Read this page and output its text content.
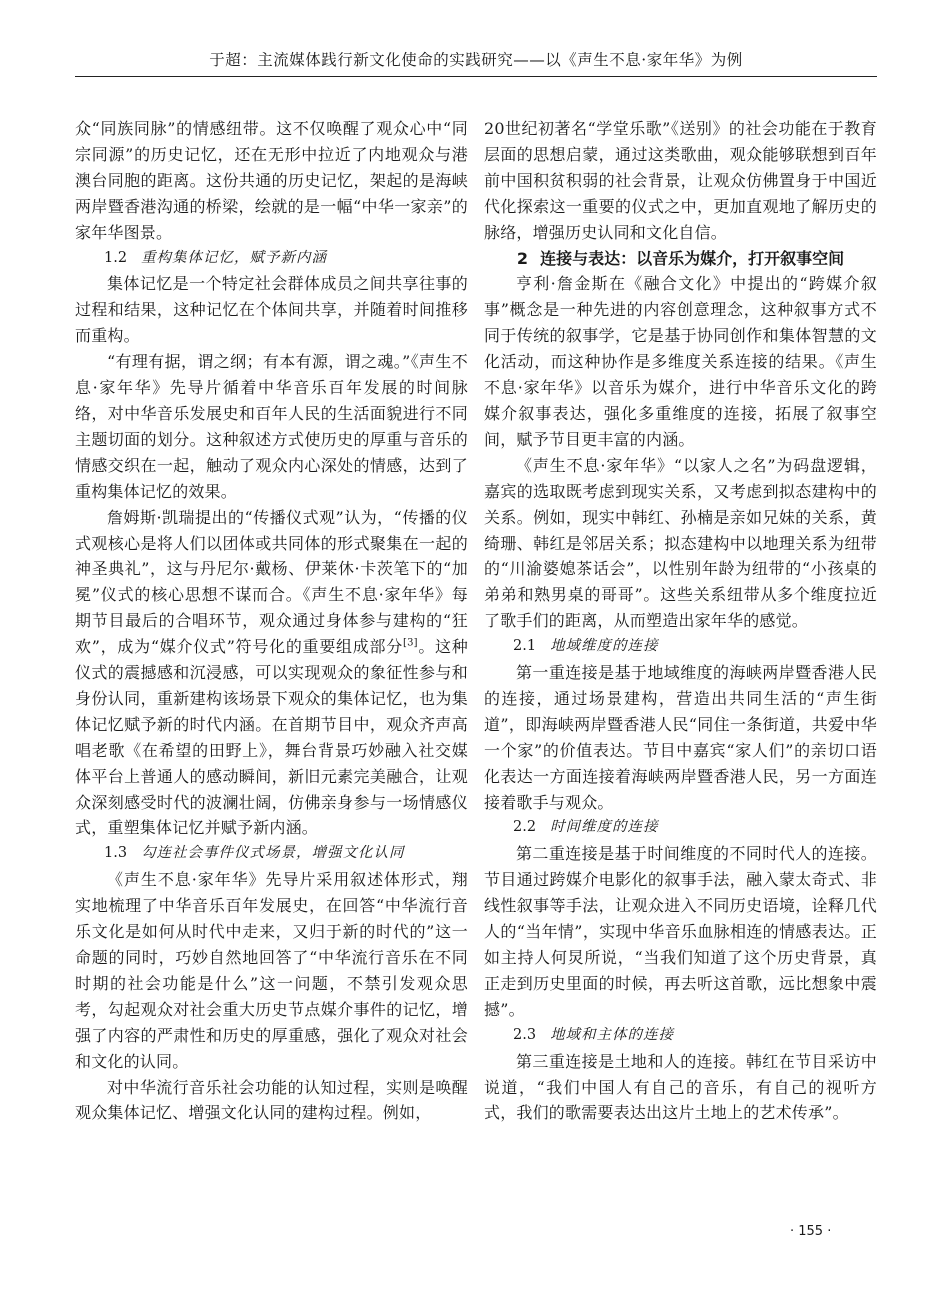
于超：主流媒体践行新文化使命的实践研究——以《声生不息·家年华》为例

众“同族同脉”的情感纽带。这不仅唤醒了观众心中“同宗同源”的历史记忆，还在无形中拉近了内地观众与港澳台同胞的距离。这份共通的历史记忆，架起的是海峡两岸暨香港沟通的桥梁，绘就的是一幅“中华一家亲”的家年华图景。

1.2 重构集体记忆，赋予新内涵

集体记忆是一个特定社会群体成员之间共享往事的过程和结果，这种记忆在个体间共享，并随着时间推移而重构。

“有理有据，谓之纲；有本有源，谓之魂。”《声生不息·家年华》先导片循着中华音乐百年发展的时间脉络，对中华音乐发展史和百年人民的生活面貌进行不同主题切面的划分。这种叙述方式使历史的厚重与音乐的情感交织在一起，触动了观众内心深处的情感，达到了重构集体记忆的效果。

詹姆斯·凯瑞提出的“传播仪式观”认为，“传播的仪式观核心是将人们以团体或共同体的形式聚集在一起的神圣典礼”，这与丹尼尔·戴杨、伊莱休·卡茨笔下的“加冕”仪式的核心思想不谋而合。《声生不息·家年华》每期节目最后的合唱环节，观众通过身体参与建构的“狂欢”，成为“媒介仪式”符号化的重要组成部分[3]。这种仪式的震撼感和沉浸感，可以实现观众的象征性参与和身份认同，重新建构该场景下观众的集体记忆，也为集体记忆赋予新的时代内涵。在首期节目中，观众齐声高唱老歌《在希望的田野上》，舞台背景巧妙融入社交媒体平台上普通人的感动瞬间，新旧元素完美融合，让观众深刻感受时代的波澜壮阔，仿佛亲身参与一场情感仪式，重塑集体记忆并赋予新内涵。

1.3 勾连社会事件仪式场景，增强文化认同

《声生不息·家年华》先导片采用叙述体形式，翔实地梳理了中华音乐百年发展史，在回答“中华流行音乐文化是如何从时代中走来，又归于新的时代的”这一命题的同时，巧妙自然地回答了“中华流行音乐在不同时期的社会功能是什么”这一问题，不禁引发观众思考，勾起观众对社会重大历史节点媒介事件的记忆，增强了内容的严肃性和历史的厚重感，强化了观众对社会和文化的认同。

对中华流行音乐社会功能的认知过程，实则是唤醒观众集体记忆、增强文化认同的建构过程。例如，

20世纪初著名“学堂乐歌”《送别》的社会功能在于教育层面的思想启蒙，通过这类歌曲，观众能够联想到百年前中国积贫积弱的社会背景，让观众仿佛置身于中国近代化探索这一重要的仪式之中，更加直观地了解历史的脉络，增强历史认同和文化自信。

2 连接与表达：以音乐为媒介，打开叙事空间

亨利·詹金斯在《融合文化》中提出的“跨媒介叙事”概念是一种先进的内容创意理念，这种叙事方式不同于传统的叙事学，它是基于协同创作和集体智慧的文化活动，而这种协作是多维度关系连接的结果。《声生不息·家年华》以音乐为媒介，进行中华音乐文化的跨媒介叙事表达，强化多重维度的连接，拓展了叙事空间，赋予节目更丰富的内涵。

《声生不息·家年华》“以家人之名”为码盘逻辑，嘉宾的选取既考虑到现实关系，又考虑到拟态建构中的关系。例如，现实中韩红、孙楠是亲如兄妹的关系，黄绮珊、韩红是邻居关系；拟态建构中以地理关系为纽带的“川渝婆媳茶话会”，以性别年龄为纽带的“小孩桌的弟弟和熟男桌的哥哥”。这些关系纽带从多个维度拉近了歌手们的距离，从而塑造出家年华的感觉。

2.1 地域维度的连接

第一重连接是基于地域维度的海峡两岸暨香港人民的连接，通过场景建构，营造出共同生活的“声生街道”，即海峡两岸暨香港人民“同住一条街道，共爱中华一个家”的价值表达。节目中嘉宾“家人们”的亲切口语化表达一方面连接着海峡两岸暨香港人民，另一方面连接着歌手与观众。

2.2 时间维度的连接

第二重连接是基于时间维度的不同时代人的连接。节目通过跨媒介电影化的叙事手法，融入蒙太奇式、非线性叙事等手法，让观众进入不同历史语境，诠释几代人的“当年情”，实现中华音乐血脉相连的情感表达。正如主持人何炅所说，“当我们知道了这个历史背景，真正走到历史里面的时候，再去听这首歌，远比想象中震撼”。

2.3 地域和主体的连接

第三重连接是土地和人的连接。韩红在节目采访中说道，“我们中国人有自己的音乐，有自己的视听方式，我们的歌需要表达出这片土地上的艺术传承”。

· 155 ·
